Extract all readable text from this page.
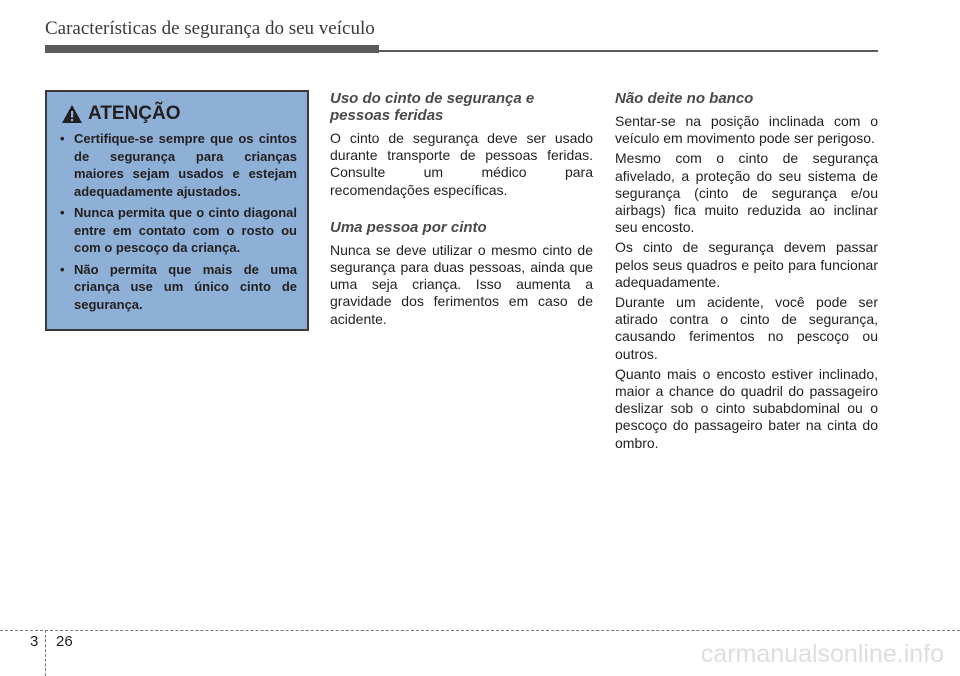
Características de segurança do seu veículo
ATENÇÃO
• Certifique-se sempre que os cintos de segurança para crianças maiores sejam usados e estejam adequadamente ajustados.
• Nunca permita que o cinto diagonal entre em contato com o rosto ou com o pescoço da criança.
• Não permita que mais de uma criança use um único cinto de segurança.
Uso do cinto de segurança e pessoas feridas

O cinto de segurança deve ser usado durante transporte de pessoas feridas. Consulte um médico para recomendações específicas.

Uma pessoa por cinto

Nunca se deve utilizar o mesmo cinto de segurança para duas pessoas, ainda que uma seja criança. Isso aumenta a gravidade dos ferimentos em caso de acidente.

Não deite no banco

Sentar-se na posição inclinada com o veículo em movimento pode ser perigoso.

Mesmo com o cinto de segurança afivelado, a proteção do seu sistema de segurança (cinto de segurança e/ou airbags) fica muito reduzida ao inclinar seu encosto.

Os cinto de segurança devem passar pelos seus quadros e peito para funcionar adequadamente.

Durante um acidente, você pode ser atirado contra o cinto de segurança, causando ferimentos no pescoço ou outros.

Quanto mais o encosto estiver inclinado, maior a chance do quadril do passageiro deslizar sob o cinto subabdominal ou o pescoço do passageiro bater na cinta do ombro.

3 26	carmanualsonline.info
